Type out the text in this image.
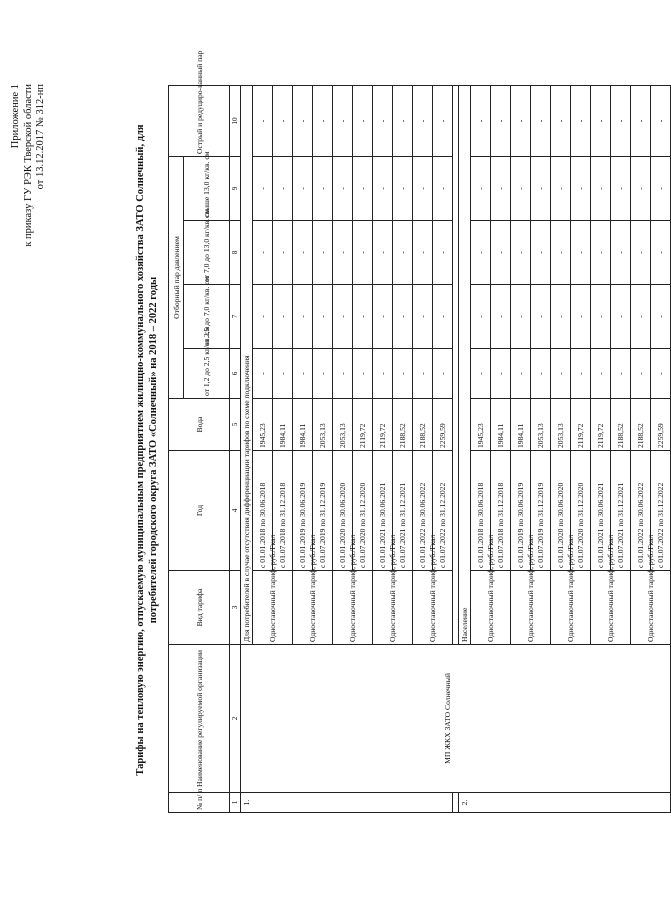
Приложение 1 к приказу ГУ РЭК Тверской области от 13.12.2017 № 312-нп	Тарифы на тепловую энергию, отпускаемую муниципальным предприятием жилищно-коммунального хозяйства ЗАТО Солнечный, для потребителей городского округа ЗАТО «Солнечный» на 2018 – 2022 годы
№ п/ п	Наименование регулируемой организации	Вид тарифа	Год	Вода	Отборный пар давлением				Острый и редуциро-ванный пар
					от 1,2 до 2,5 кг/кв. см	от 2,5 до 7,0 кг/кв. см	от 7,0 до 13,0 кг/кв. см	свыше 13,0 кг/кв. см	
1	2	3	4	5	6	7	8	9	10
1.	МП ЖКХ ЗАТО Солнечный	Для потребителей в случае отсутствия дифференциации тарифов по схеме подключения							
		Одноставочный тариф, руб./Гкал	с 01.01.2018 по 30.06.2018	1945,23	-	-	-	-	-
			с 01.07.2018 по 31.12.2018	1984,11	-	-	-	-	-
		Одноставочный тариф, руб./Гкал	с 01.01.2019 по 30.06.2019	1984,11	-	-	-	-	-
			с 01.07.2019 по 31.12.2019	2053,13	-	-	-	-	-
		Одноставочный тариф, руб./Гкал	с 01.01.2020 по 30.06.2020	2053,13	-	-	-	-	-
			с 01.07.2020 по 31.12.2020	2119,72	-	-	-	-	-
		Одноставочный тариф, руб./Гкал	с 01.01.2021 по 30.06.2021	2119,72	-	-	-	-	-
			с 01.07.2021 по 31.12.2021	2188,52	-	-	-	-	-
		Одноставочный тариф, руб./Гкал	с 01.01.2022 по 30.06.2022	2188,52	-	-	-	-	-
			с 01.07.2022 по 31.12.2022	2259,59	-	-	-	-	-

2.		Население							
		Одноставочный тариф, руб./Гкал	с 01.01.2018 по 30.06.2018	1945,23	-	-	-	-	-
			с 01.07.2018 по 31.12.2018	1984,11	-	-	-	-	-
		Одноставочный тариф, руб./Гкал	с 01.01.2019 по 30.06.2019	1984,11	-	-	-	-	-
			с 01.07.2019 по 31.12.2019	2053,13	-	-	-	-	-
		Одноставочный тариф, руб./Гкал	с 01.01.2020 по 30.06.2020	2053,13	-	-	-	-	-
			с 01.07.2020 по 31.12.2020	2119,72	-	-	-	-	-
		Одноставочный тариф, руб./Гкал	с 01.01.2021 по 30.06.2021	2119,72	-	-	-	-	-
			с 01.07.2021 по 31.12.2021	2188,52	-	-	-	-	-
		Одноставочный тариф, руб./Гкал	с 01.01.2022 по 30.06.2022	2188,52	-	-	-	-	-
			с 01.07.2022 по 31.12.2022	2259,59	-	-	-	-	-
